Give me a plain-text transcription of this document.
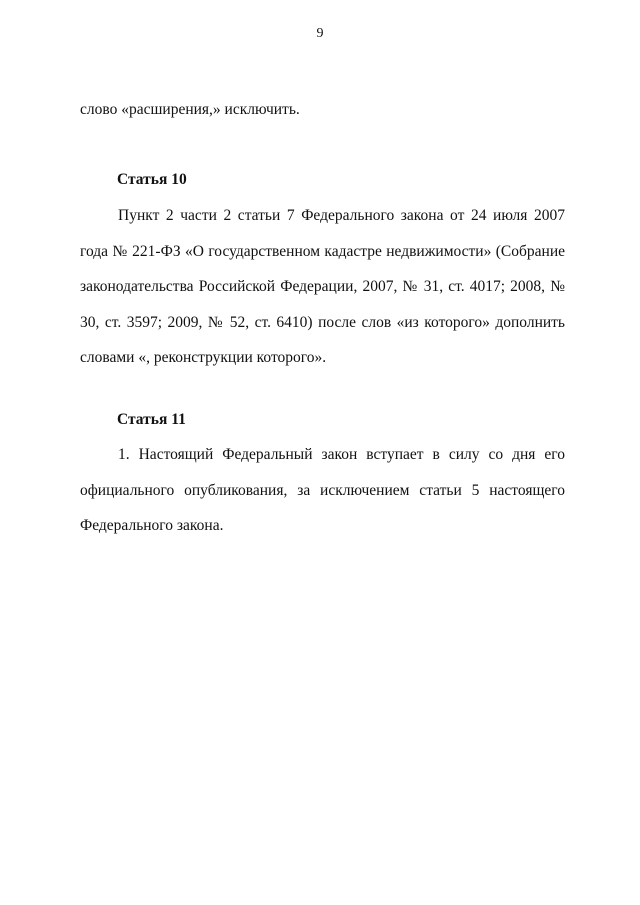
9

слово «расширения,» исключить.

Статья 10

Пункт 2 части 2 статьи 7 Федерального закона от 24 июля 2007 года № 221-ФЗ «О государственном кадастре недвижимости» (Собрание законодательства Российской Федерации, 2007, № 31, ст. 4017; 2008, № 30, ст. 3597; 2009, № 52, ст. 6410) после слов «из которого» дополнить словами «, реконструкции которого».

Статья 11

1. Настоящий Федеральный закон вступает в силу со дня его официального опубликования, за исключением статьи 5 настоящего Федерального закона.
